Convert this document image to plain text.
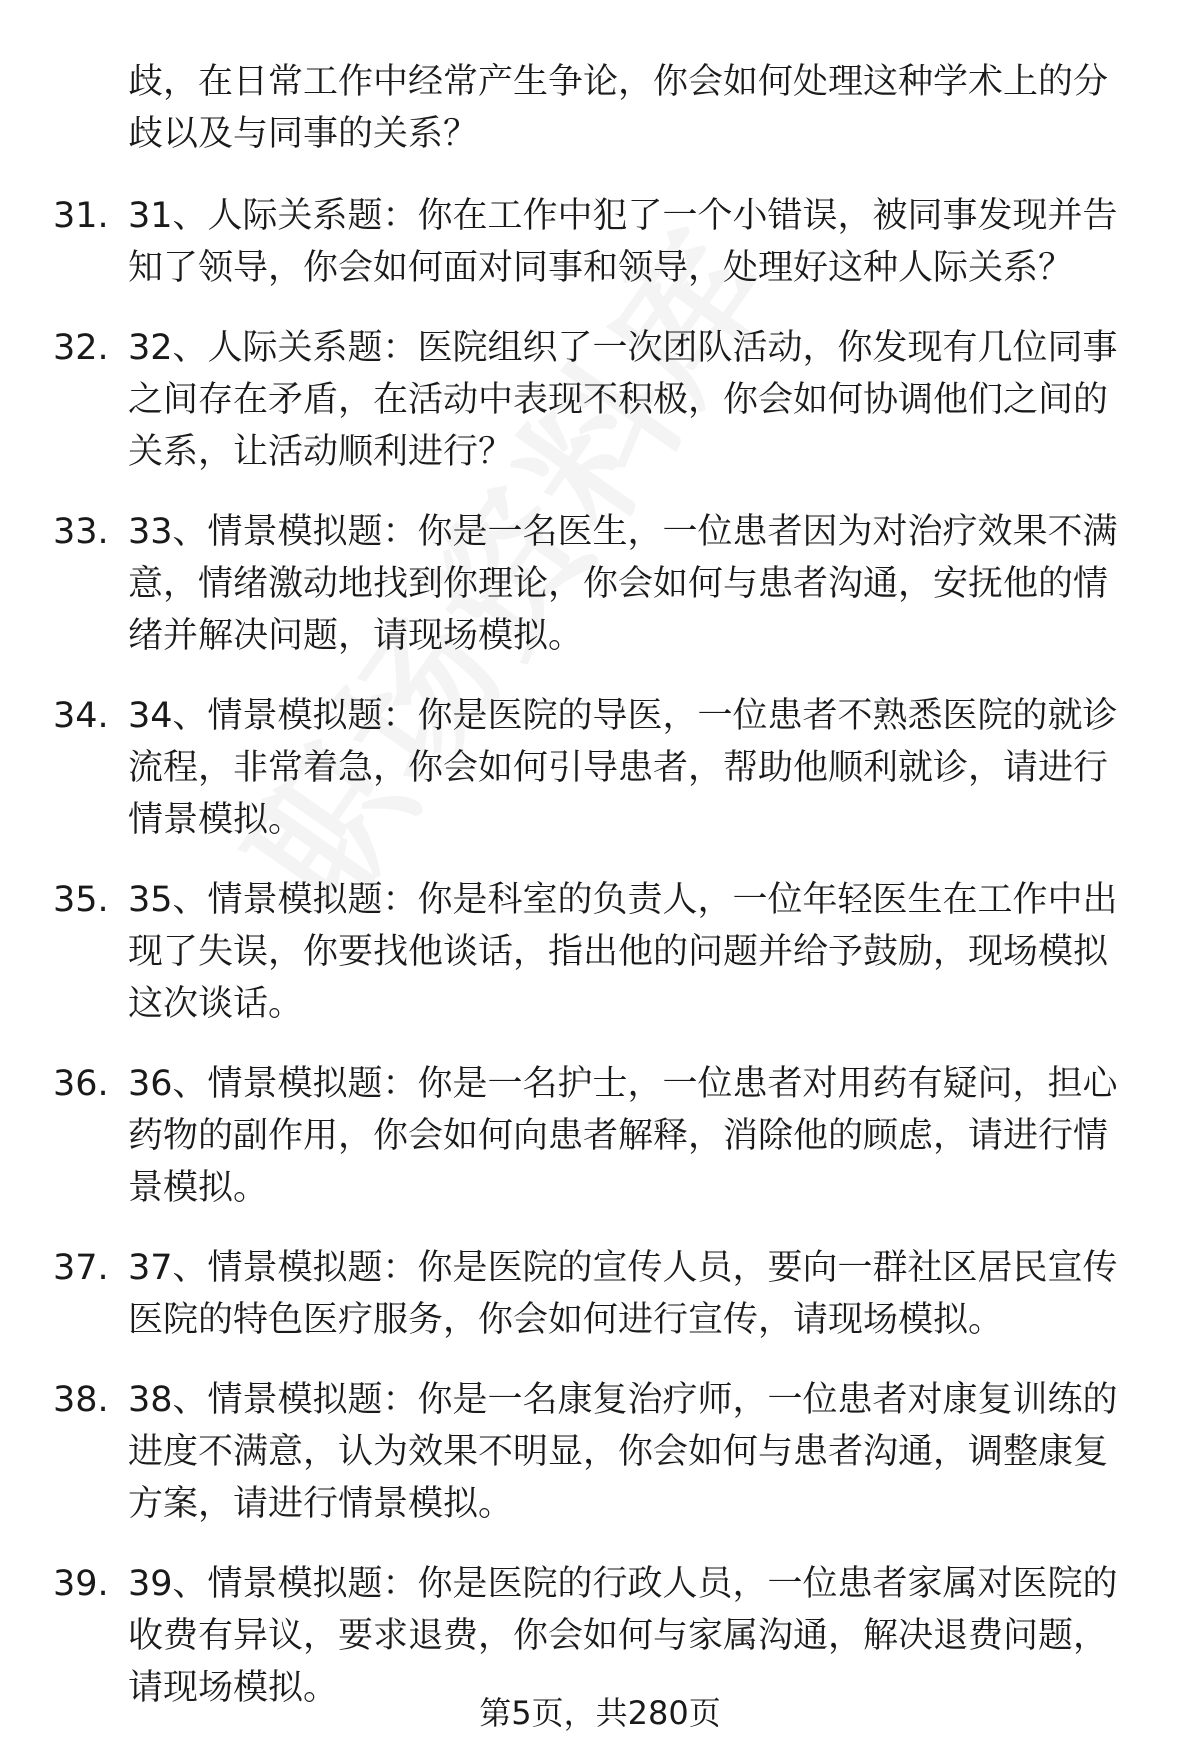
歧，在日常工作中经常产生争论，你会如何处理这种学术上的分歧以及与同事的关系？
31. 31、人际关系题：你在工作中犯了一个小错误，被同事发现并告知了领导，你会如何面对同事和领导，处理好这种人际关系？
32. 32、人际关系题：医院组织了一次团队活动，你发现有几位同事之间存在矛盾，在活动中表现不积极，你会如何协调他们之间的关系，让活动顺利进行？
33. 33、情景模拟题：你是一名医生，一位患者因为对治疗效果不满意，情绪激动地找到你理论，你会如何与患者沟通，安抚他的情绪并解决问题，请现场模拟。
34. 34、情景模拟题：你是医院的导医，一位患者不熟悉医院的就诊流程，非常着急，你会如何引导患者，帮助他顺利就诊，请进行情景模拟。
35. 35、情景模拟题：你是科室的负责人，一位年轻医生在工作中出现了失误，你要找他谈话，指出他的问题并给予鼓励，现场模拟这次谈话。
36. 36、情景模拟题：你是一名护士，一位患者对用药有疑问，担心药物的副作用，你会如何向患者解释，消除他的顾虑，请进行情景模拟。
37. 37、情景模拟题：你是医院的宣传人员，要向一群社区居民宣传医院的特色医疗服务，你会如何进行宣传，请现场模拟。
38. 38、情景模拟题：你是一名康复治疗师，一位患者对康复训练的进度不满意，认为效果不明显，你会如何与患者沟通，调整康复方案，请进行情景模拟。
39. 39、情景模拟题：你是医院的行政人员，一位患者家属对医院的收费有异议，要求退费，你会如何与家属沟通，解决退费问题，请现场模拟。
第5页，共280页
